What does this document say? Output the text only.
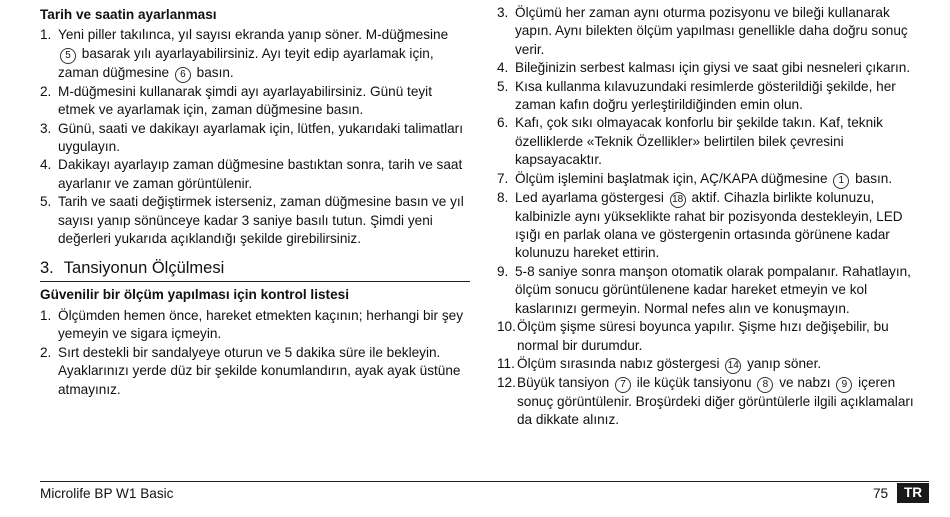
Tarih ve saatin ayarlanması
1. Yeni piller takılınca, yıl sayısı ekranda yanıp söner. M-düğmesine 5 basarak yılı ayarlayabilirsiniz. Ayı teyit edip ayarlamak için, zaman düğmesine 6 basın.
2. M-düğmesini kullanarak şimdi ayı ayarlayabilirsiniz. Günü teyit etmek ve ayarlamak için, zaman düğmesine basın.
3. Günü, saati ve dakikayı ayarlamak için, lütfen, yukarıdaki talimatları uygulayın.
4. Dakikayı ayarlayıp zaman düğmesine bastıktan sonra, tarih ve saat ayarlanır ve zaman görüntülenir.
5. Tarih ve saati değiştirmek isterseniz, zaman düğmesine basın ve yıl sayısı yanıp sönünceye kadar 3 saniye basılı tutun. Şimdi yeni değerleri yukarıda açıklandığı şekilde girebilirsiniz.
3. Tansiyonun Ölçülmesi
Güvenilir bir ölçüm yapılması için kontrol listesi
1. Ölçümden hemen önce, hareket etmekten kaçının; herhangi bir şey yemeyin ve sigara içmeyin.
2. Sırt destekli bir sandalyeye oturun ve 5 dakika süre ile bekleyin. Ayaklarınızı yerde düz bir şekilde konumlandırın, ayak ayak üstüne atmayınız.
3. Ölçümü her zaman aynı oturma pozisyonu ve bileği kullanarak yapın. Aynı bilekten ölçüm yapılması genellikle daha doğru sonuç verir.
4. Bileğinizin serbest kalması için giysi ve saat gibi nesneleri çıkarın.
5. Kısa kullanma kılavuzundaki resimlerde gösterildiği şekilde, her zaman kafın doğru yerleştirildiğinden emin olun.
6. Kafı, çok sıkı olmayacak konforlu bir şekilde takın. Kaf, teknik özelliklerde «Teknik Özellikler» belirtilen bilek çevresini kapsayacaktır.
7. Ölçüm işlemini başlatmak için, AÇ/KAPA düğmesine 1 basın.
8. Led ayarlama göstergesi 18 aktif. Cihazla birlikte kolunuzu, kalbinizle aynı yükseklikte rahat bir pozisyonda destekleyin, LED ışığı en parlak olana ve göstergenin ortasında görünene kadar kolunuzu hareket ettirin.
9. 5-8 saniye sonra manşon otomatik olarak pompalanır. Rahatlayın, ölçüm sonucu görüntülenene kadar hareket etmeyin ve kol kaslarınızı germeyin. Normal nefes alın ve konuşmayın.
10. Ölçüm şişme süresi boyunca yapılır. Şişme hızı değişebilir, bu normal bir durumdur.
11. Ölçüm sırasında nabız göstergesi 14 yanıp söner.
12. Büyük tansiyon 7 ile küçük tansiyonu 8 ve nabzı 9 içeren sonuç görüntülenir. Broşürdeki diğer görüntülerle ilgili açıklamaları da dikkate alınız.
Microlife BP W1 Basic	75	TR
